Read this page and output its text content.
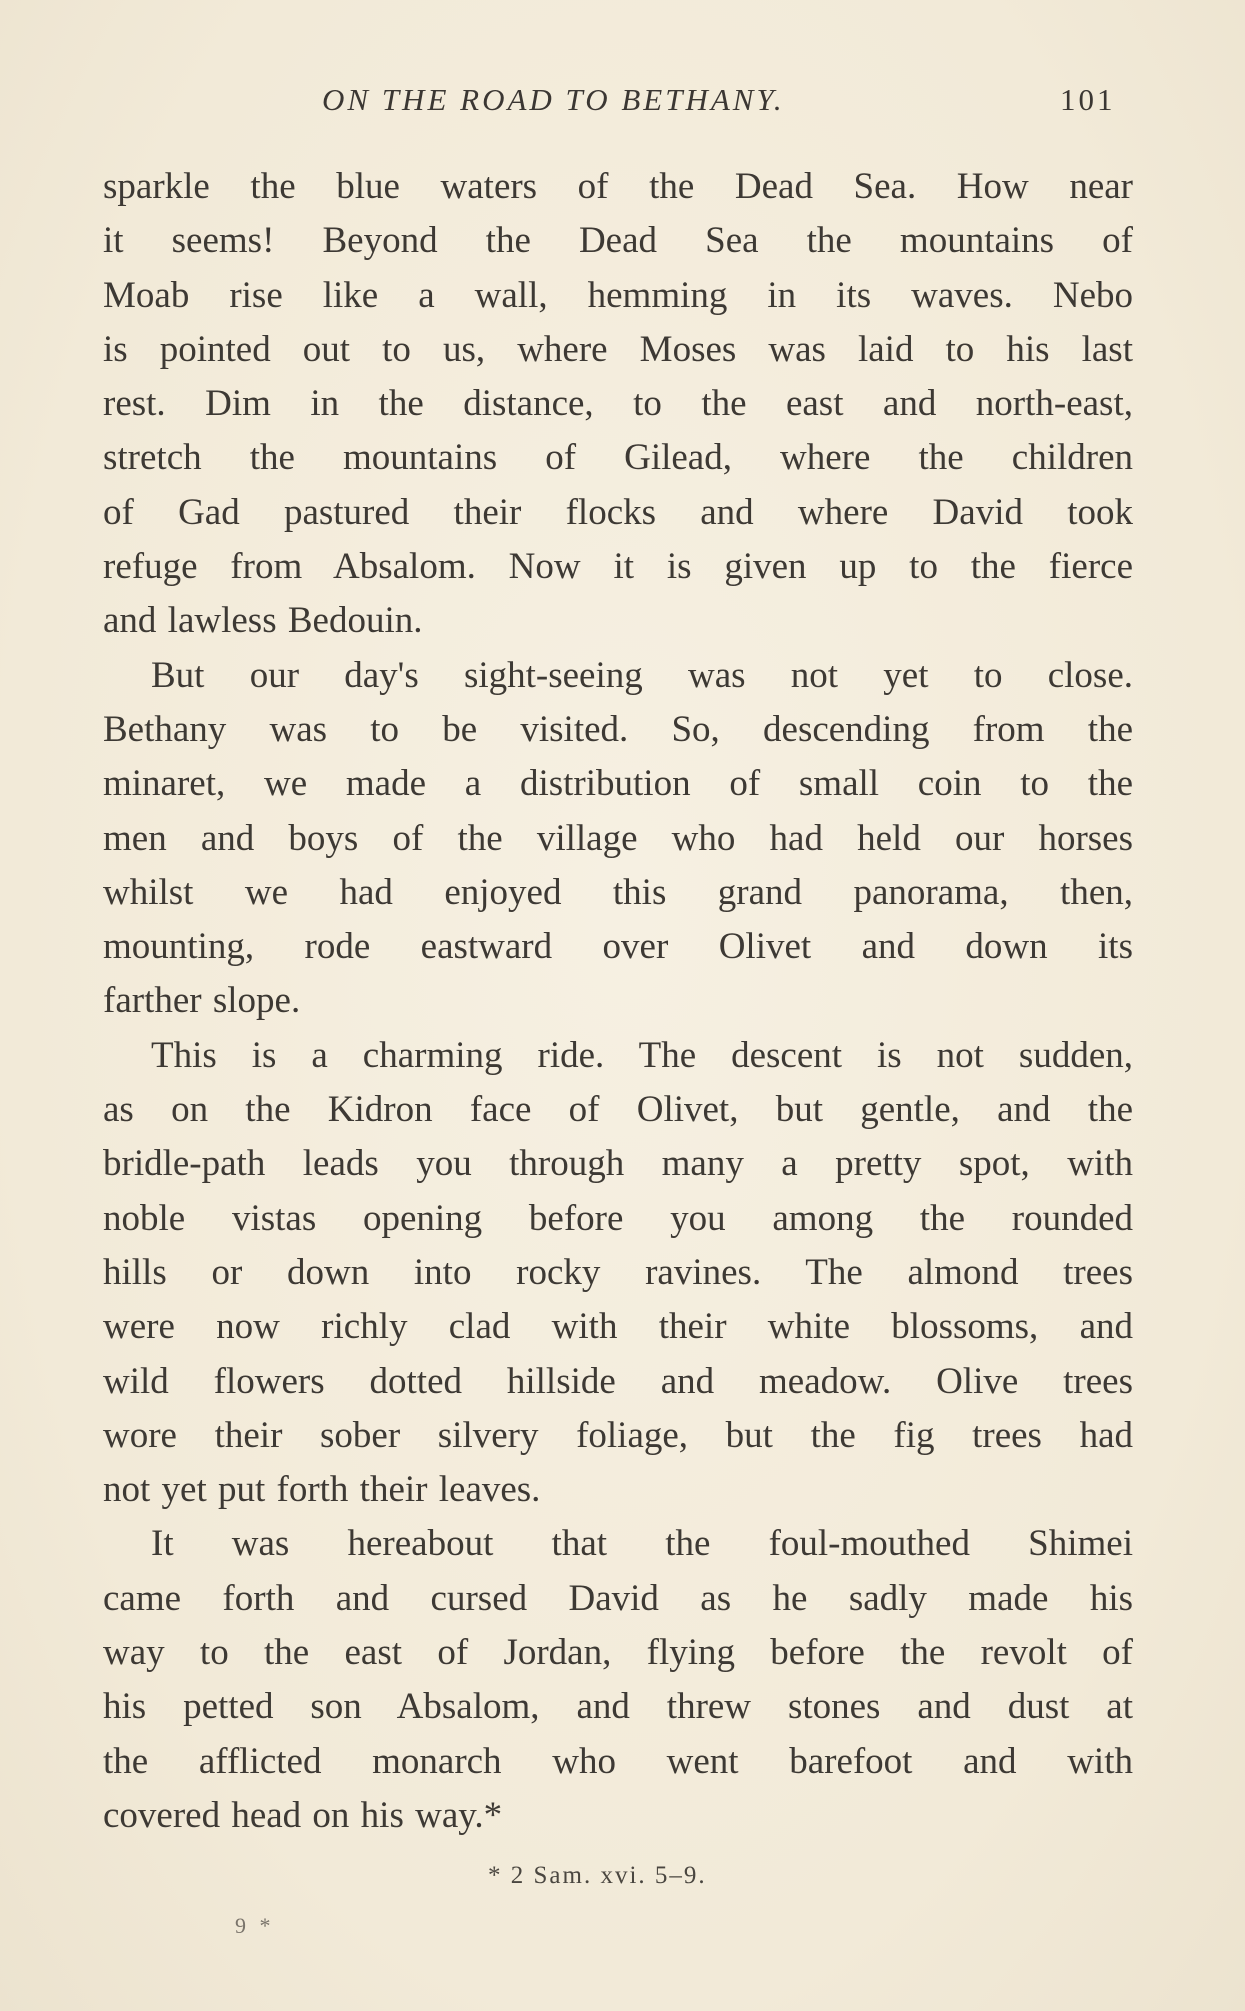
ON THE ROAD TO BETHANY.	101
sparkle the blue waters of the Dead Sea. How near
it seems! Beyond the Dead Sea the mountains of
Moab rise like a wall, hemming in its waves. Nebo
is pointed out to us, where Moses was laid to his last
rest. Dim in the distance, to the east and north-east,
stretch the mountains of Gilead, where the children
of Gad pastured their flocks and where David took
refuge from Absalom. Now it is given up to the fierce
and lawless Bedouin.
But our day's sight-seeing was not yet to close.
Bethany was to be visited. So, descending from the
minaret, we made a distribution of small coin to the
men and boys of the village who had held our horses
whilst we had enjoyed this grand panorama, then,
mounting, rode eastward over Olivet and down its
farther slope.
This is a charming ride. The descent is not sudden,
as on the Kidron face of Olivet, but gentle, and the
bridle-path leads you through many a pretty spot, with
noble vistas opening before you among the rounded
hills or down into rocky ravines. The almond trees
were now richly clad with their white blossoms, and
wild flowers dotted hillside and meadow. Olive trees
wore their sober silvery foliage, but the fig trees had
not yet put forth their leaves.
It was hereabout that the foul-mouthed Shimei
came forth and cursed David as he sadly made his
way to the east of Jordan, flying before the revolt of
his petted son Absalom, and threw stones and dust at
the afflicted monarch who went barefoot and with
covered head on his way.*
* 2 Sam. xvi. 5–9.
9 *
